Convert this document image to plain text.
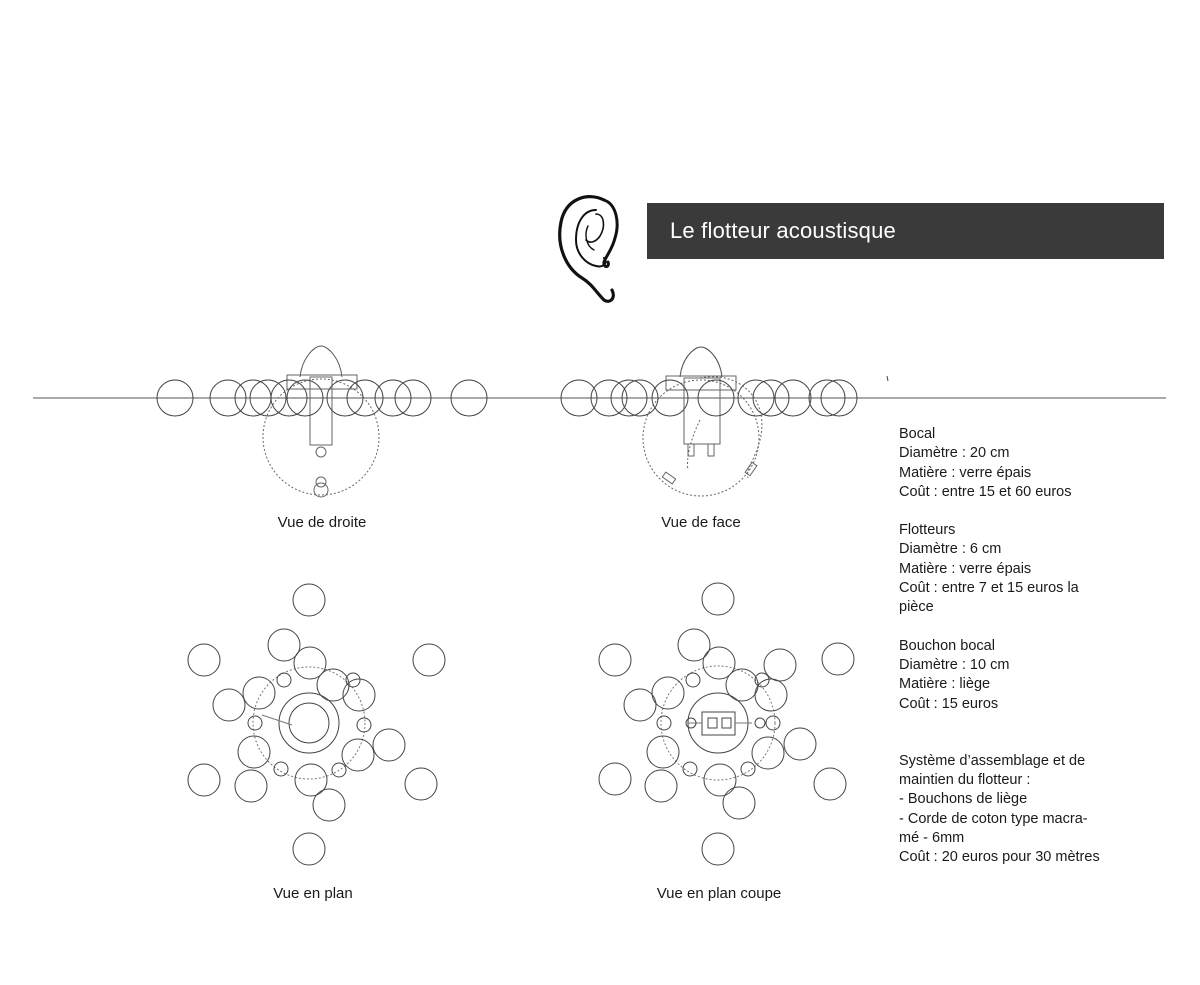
Le flotteur acoustisque
Vue de droite	Vue de face
Vue en plan	Vue en plan coupe

Bocal

Diamètre : 20 cm

Matière : verre épais

Coût : entre 15 et 60 euros

Flotteurs

Diamètre : 6 cm

Matière : verre épais

Coût : entre 7 et 15 euros la pièce

Bouchon bocal

Diamètre : 10 cm

Matière : liège

Coût : 15 euros

Système d’assemblage et de maintien du flotteur :

- Bouchons de liège

- Corde de coton type macra-mé - 6mm

Coût : 20 euros pour 30 mètres
